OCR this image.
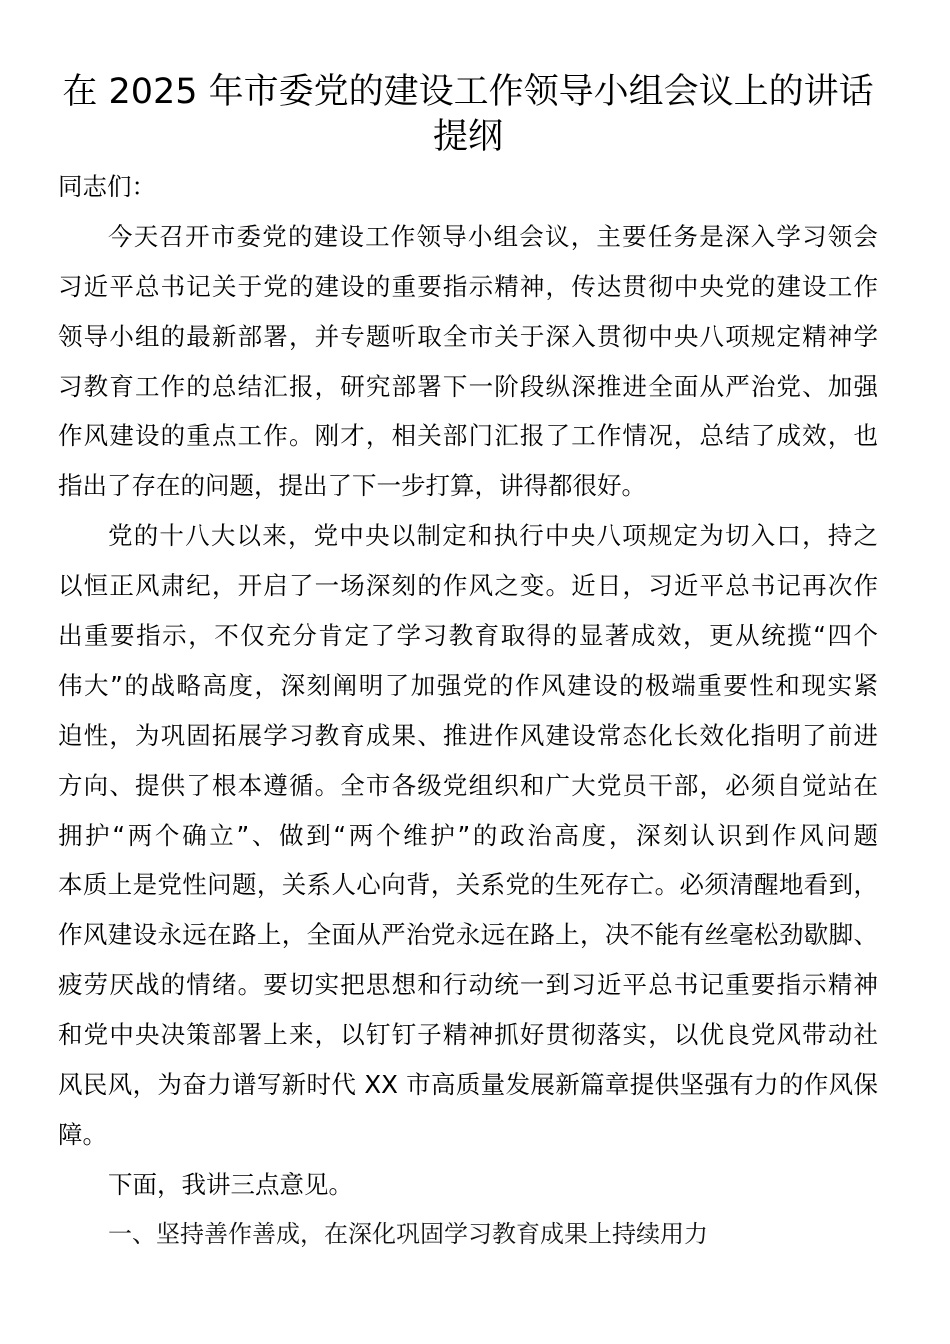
在 2025 年市委党的建设工作领导小组会议上的讲话
提纲
同志们：
今天召开市委党的建设工作领导小组会议，主要任务是深入学习领会
习近平总书记关于党的建设的重要指示精神，传达贯彻中央党的建设工作
领导小组的最新部署，并专题听取全市关于深入贯彻中央八项规定精神学
习教育工作的总结汇报，研究部署下一阶段纵深推进全面从严治党、加强
作风建设的重点工作。刚才，相关部门汇报了工作情况，总结了成效，也
指出了存在的问题，提出了下一步打算，讲得都很好。
党的十八大以来，党中央以制定和执行中央八项规定为切入口，持之
以恒正风肃纪，开启了一场深刻的作风之变。近日，习近平总书记再次作
出重要指示，不仅充分肯定了学习教育取得的显著成效，更从统揽“四个
伟大”的战略高度，深刻阐明了加强党的作风建设的极端重要性和现实紧
迫性，为巩固拓展学习教育成果、推进作风建设常态化长效化指明了前进
方向、提供了根本遵循。全市各级党组织和广大党员干部，必须自觉站在
拥护“两个确立”、做到“两个维护”的政治高度，深刻认识到作风问题
本质上是党性问题，关系人心向背，关系党的生死存亡。必须清醒地看到，
作风建设永远在路上，全面从严治党永远在路上，决不能有丝毫松劲歇脚、
疲劳厌战的情绪。要切实把思想和行动统一到习近平总书记重要指示精神
和党中央决策部署上来，以钉钉子精神抓好贯彻落实，以优良党风带动社
风民风，为奋力谱写新时代 XX 市高质量发展新篇章提供坚强有力的作风保
障。
下面，我讲三点意见。
一、坚持善作善成，在深化巩固学习教育成果上持续用力
